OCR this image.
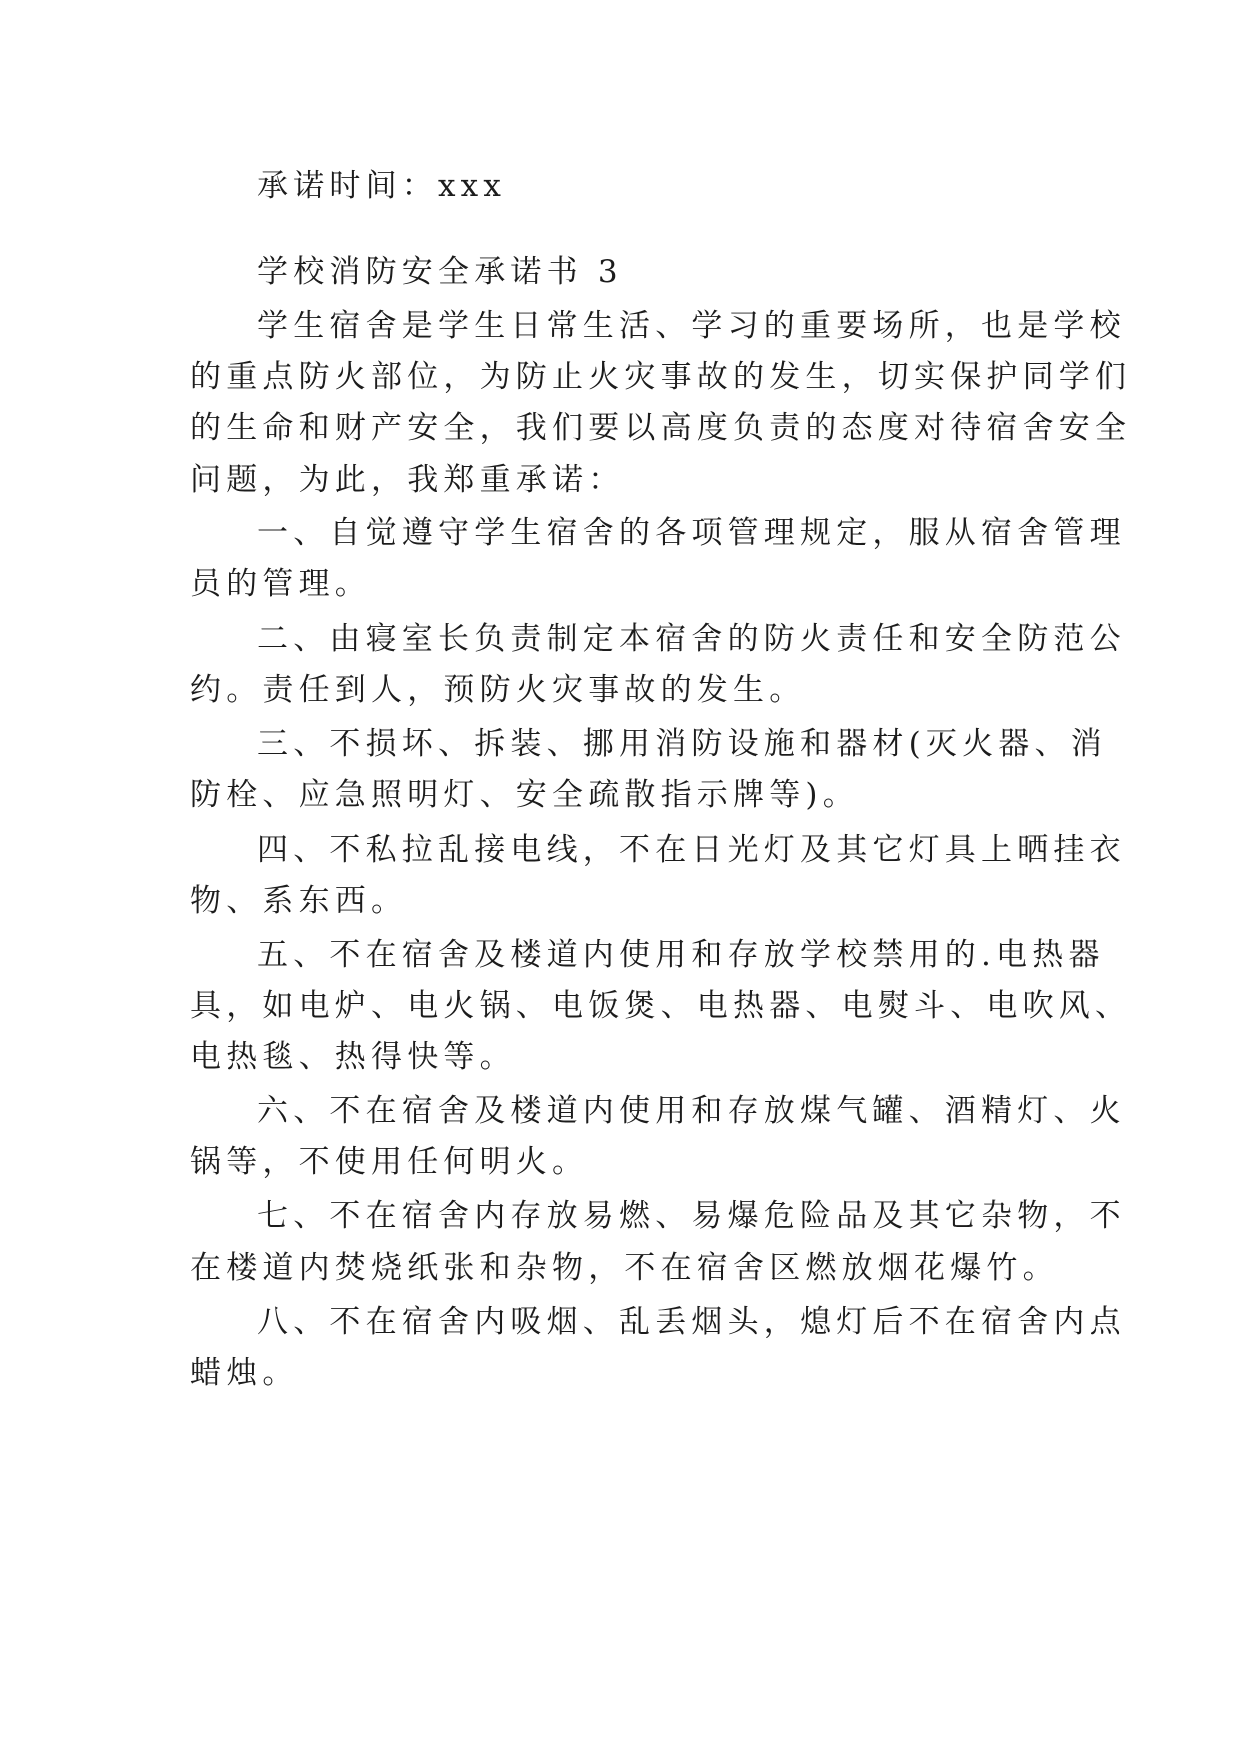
承诺时间：xxx
学校消防安全承诺书 3
学生宿舍是学生日常生活、学习的重要场所，也是学校
的重点防火部位，为防止火灾事故的发生，切实保护同学们
的生命和财产安全，我们要以高度负责的态度对待宿舍安全
问题，为此，我郑重承诺：
一、自觉遵守学生宿舍的各项管理规定，服从宿舍管理
员的管理。
二、由寝室长负责制定本宿舍的防火责任和安全防范公
约。责任到人，预防火灾事故的发生。
三、不损坏、拆装、挪用消防设施和器材(灭火器、消
防栓、应急照明灯、安全疏散指示牌等)。
四、不私拉乱接电线，不在日光灯及其它灯具上晒挂衣
物、系东西。
五、不在宿舍及楼道内使用和存放学校禁用的.电热器
具，如电炉、电火锅、电饭煲、电热器、电熨斗、电吹风、
电热毯、热得快等。
六、不在宿舍及楼道内使用和存放煤气罐、酒精灯、火
锅等，不使用任何明火。
七、不在宿舍内存放易燃、易爆危险品及其它杂物，不
在楼道内焚烧纸张和杂物，不在宿舍区燃放烟花爆竹。
八、不在宿舍内吸烟、乱丢烟头，熄灯后不在宿舍内点
蜡烛。
